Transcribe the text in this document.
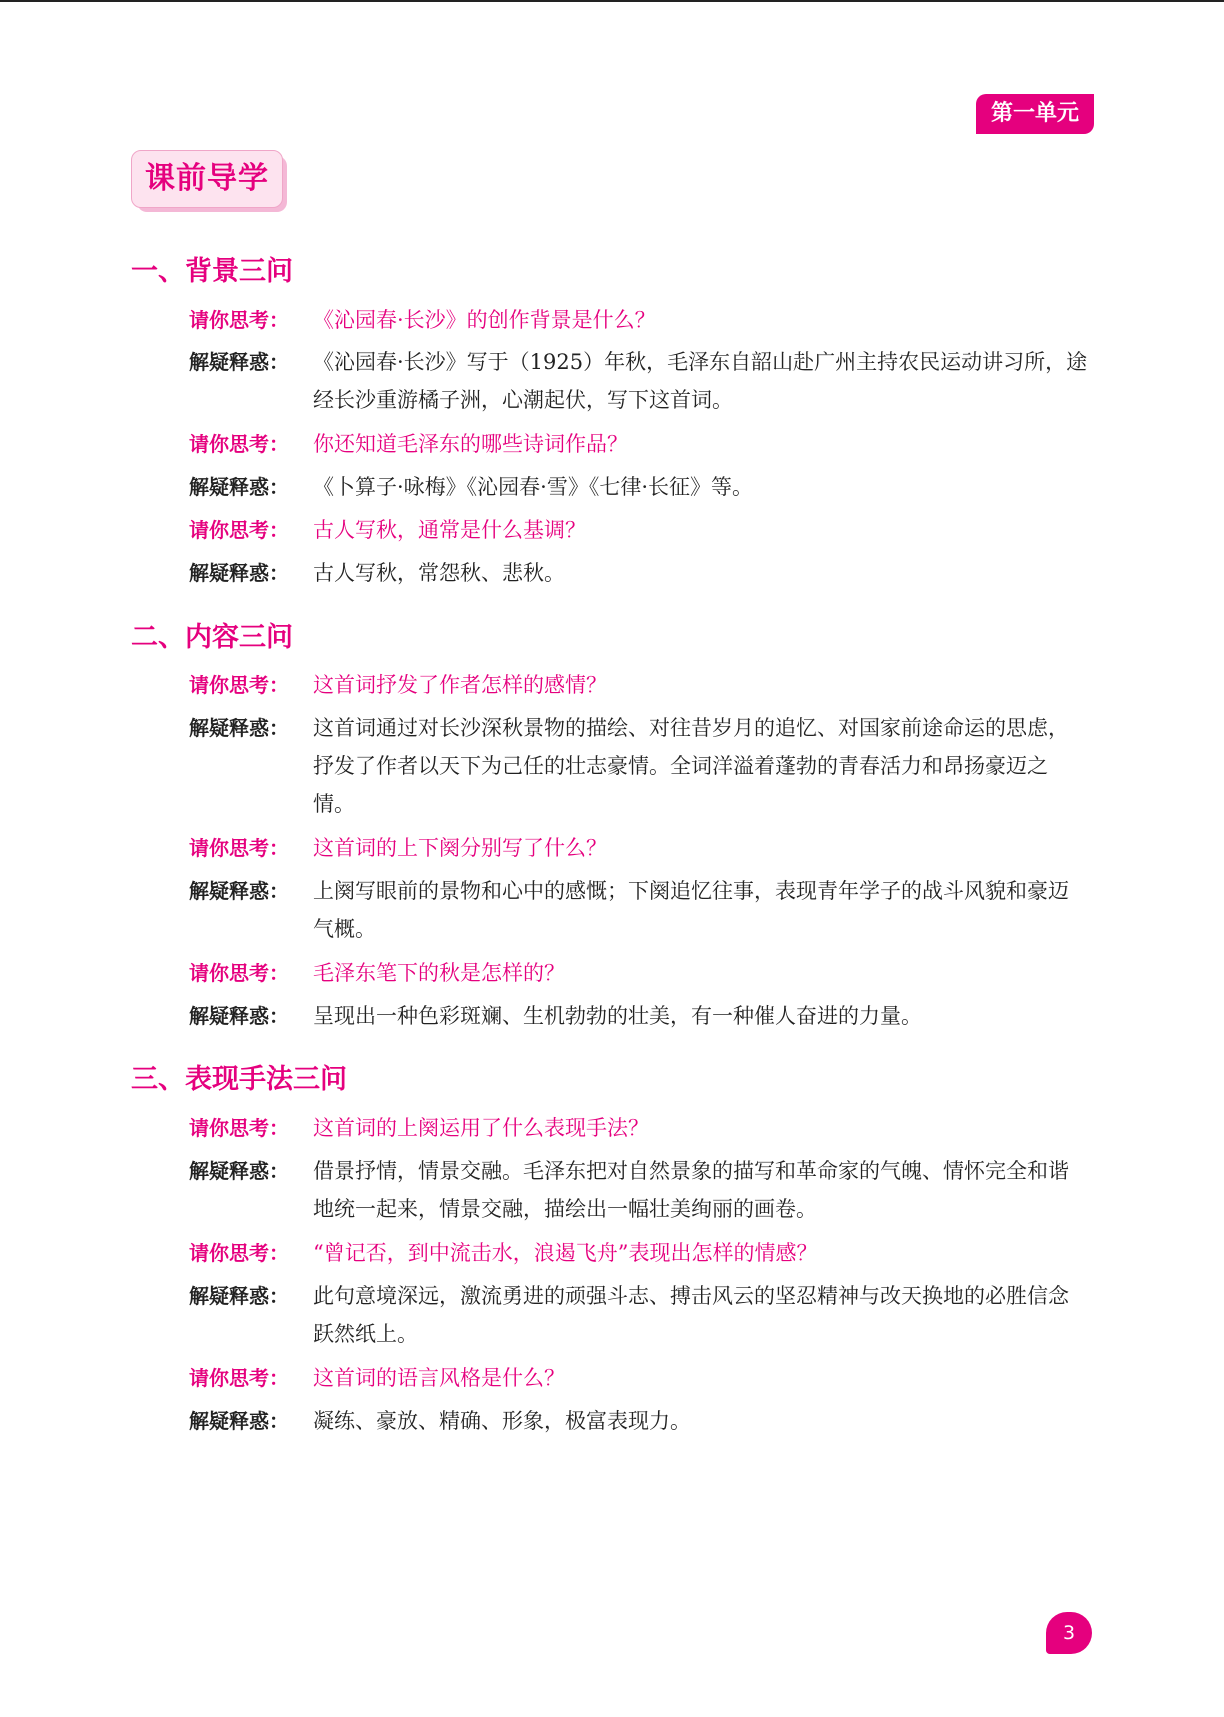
第一单元
课前导学
一、背景三问
请你思考：	《沁园春·长沙》的创作背景是什么？
解疑释惑：	《沁园春·长沙》写于（1925）年秋，毛泽东自韶山赴广州主持农民运动讲习所，途经长沙重游橘子洲，心潮起伏，写下这首词。
请你思考：	你还知道毛泽东的哪些诗词作品？
解疑释惑：	《卜算子·咏梅》《沁园春·雪》《七律·长征》等。
请你思考：	古人写秋，通常是什么基调？
解疑释惑：	古人写秋，常怨秋、悲秋。
二、内容三问
请你思考：	这首词抒发了作者怎样的感情？
解疑释惑：	这首词通过对长沙深秋景物的描绘、对往昔岁月的追忆、对国家前途命运的思虑，抒发了作者以天下为己任的壮志豪情。全词洋溢着蓬勃的青春活力和昂扬豪迈之情。
请你思考：	这首词的上下阕分别写了什么？
解疑释惑：	上阕写眼前的景物和心中的感慨；下阕追忆往事，表现青年学子的战斗风貌和豪迈气概。
请你思考：	毛泽东笔下的秋是怎样的？
解疑释惑：	呈现出一种色彩斑斓、生机勃勃的壮美，有一种催人奋进的力量。
三、表现手法三问
请你思考：	这首词的上阕运用了什么表现手法？
解疑释惑：	借景抒情，情景交融。毛泽东把对自然景象的描写和革命家的气魄、情怀完全和谐地统一起来，情景交融，描绘出一幅壮美绚丽的画卷。
请你思考：	“曾记否，到中流击水，浪遏飞舟”表现出怎样的情感？
解疑释惑：	此句意境深远，激流勇进的顽强斗志、搏击风云的坚忍精神与改天换地的必胜信念跃然纸上。
请你思考：	这首词的语言风格是什么？
解疑释惑：	凝练、豪放、精确、形象，极富表现力。
3
